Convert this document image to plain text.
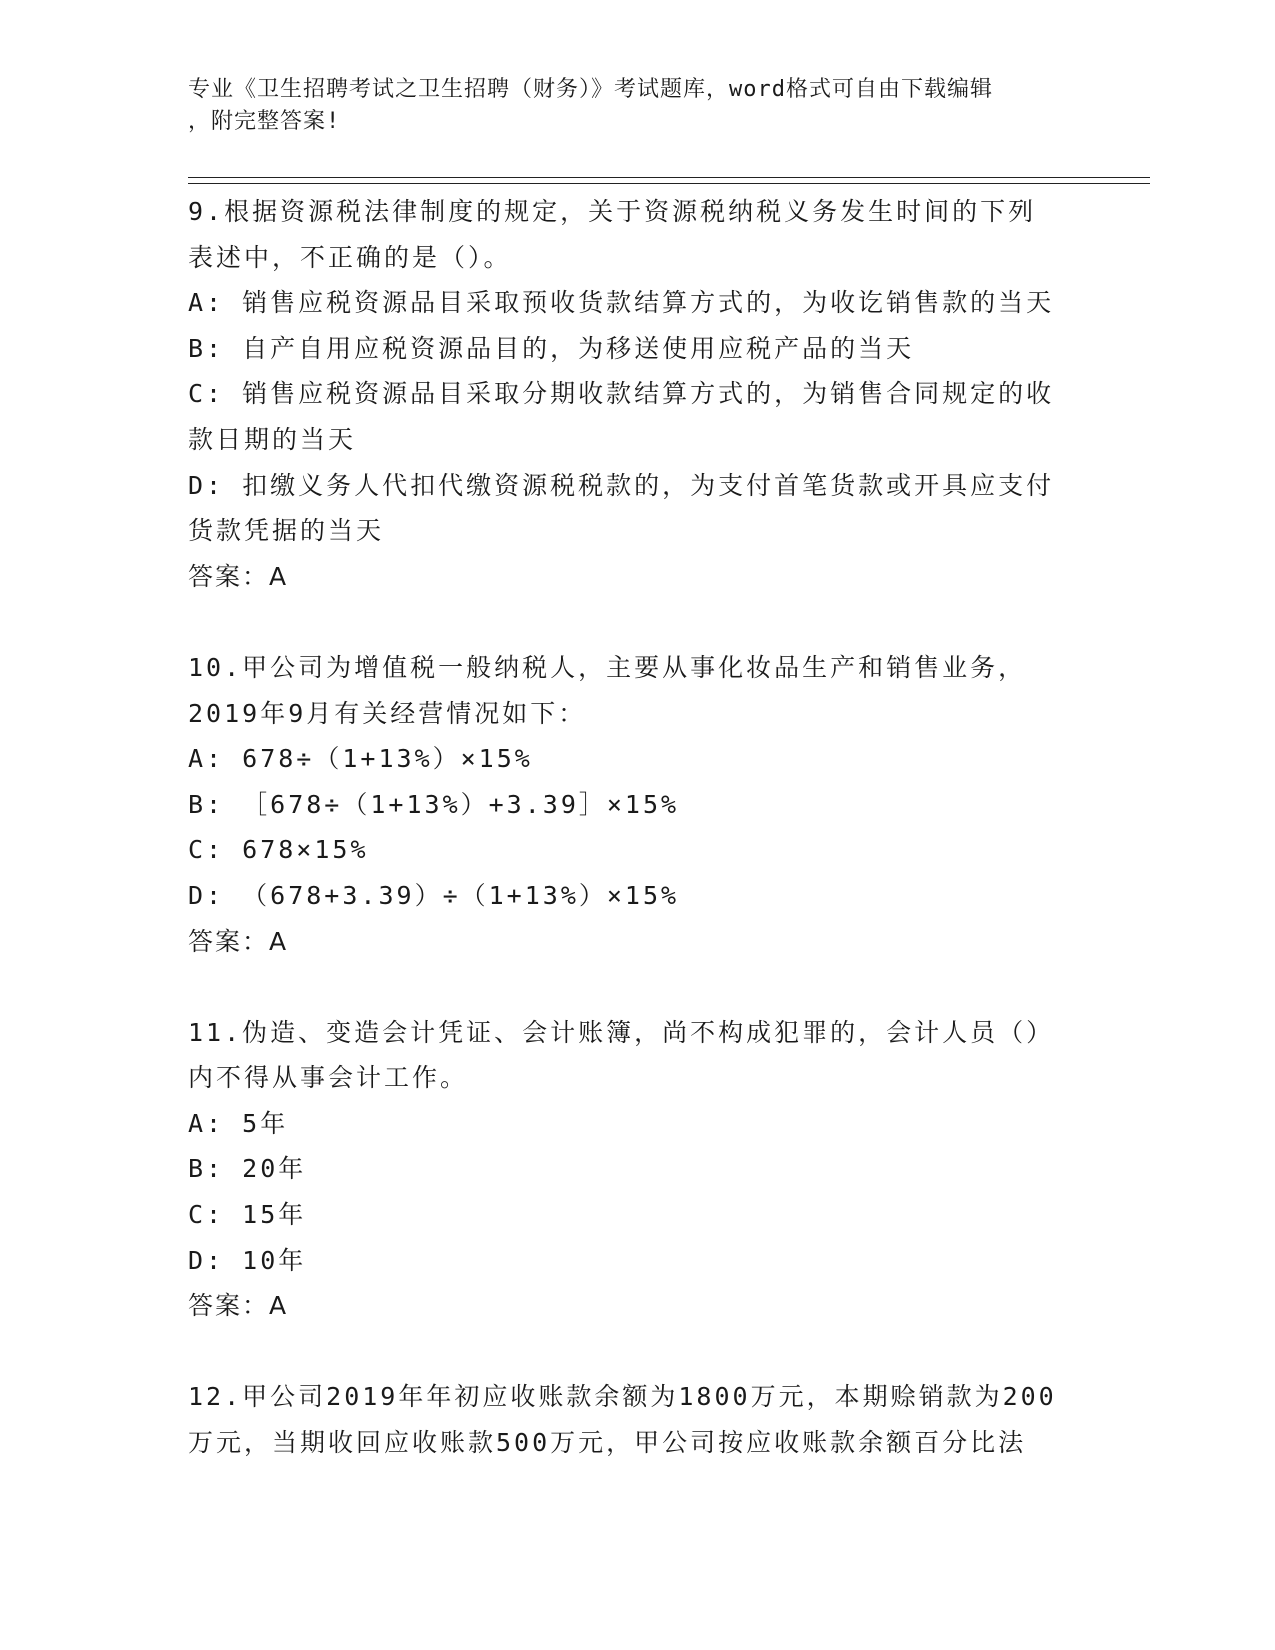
专业《卫生招聘考试之卫生招聘（财务）》考试题库，word格式可自由下载编辑
，附完整答案!
9.根据资源税法律制度的规定，关于资源税纳税义务发生时间的下列
表述中，不正确的是（）。
A: 销售应税资源品目采取预收货款结算方式的，为收讫销售款的当天
B: 自产自用应税资源品目的，为移送使用应税产品的当天
C: 销售应税资源品目采取分期收款结算方式的，为销售合同规定的收
款日期的当天
D: 扣缴义务人代扣代缴资源税税款的，为支付首笔货款或开具应支付
货款凭据的当天
答案：A
10.甲公司为增值税一般纳税人，主要从事化妆品生产和销售业务，
2019年9月有关经营情况如下：
A: 678÷（1+13%）×15%
B: ［678÷（1+13%）+3.39］×15%
C: 678×15%
D: （678+3.39）÷（1+13%）×15%
答案：A
11.伪造、变造会计凭证、会计账簿，尚不构成犯罪的，会计人员（）
内不得从事会计工作。
A: 5年
B: 20年
C: 15年
D: 10年
答案：A
12.甲公司2019年年初应收账款余额为1800万元，本期赊销款为200
万元，当期收回应收账款500万元，甲公司按应收账款余额百分比法
